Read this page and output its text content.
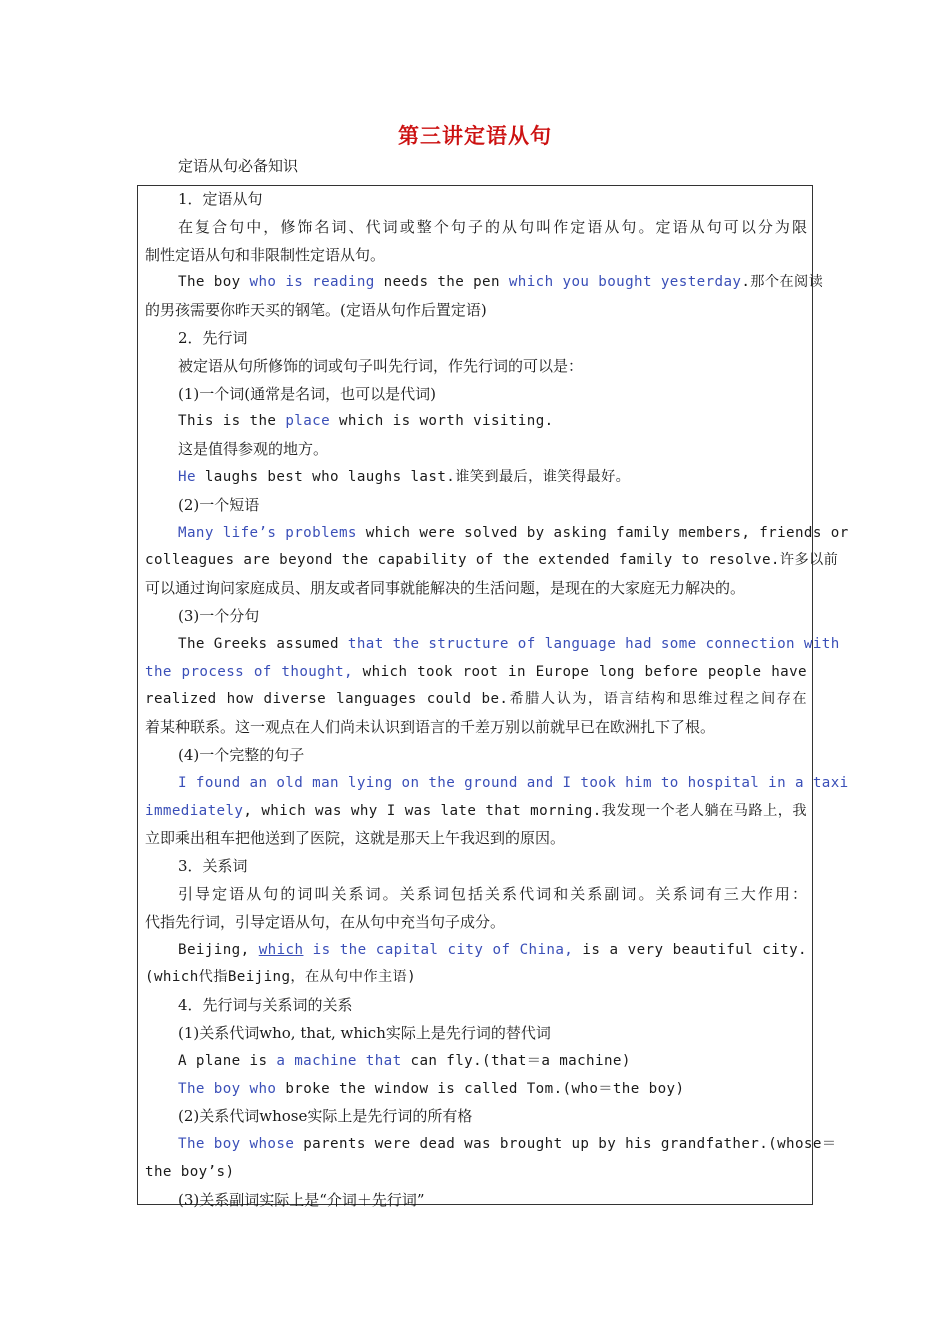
第三讲定语从句
定语从句必备知识
1．定语从句
在复合句中，修饰名词、代词或整个句子的从句叫作定语从句。定语从句可以分为限
制性定语从句和非限制性定语从句。
The boy who is reading needs the pen which you bought yesterday.那个在阅读
的男孩需要你昨天买的钢笔。(定语从句作后置定语)
2．先行词
被定语从句所修饰的词或句子叫先行词，作先行词的可以是：
(1)一个词(通常是名词，也可以是代词)
This is the place which is worth visiting.
这是值得参观的地方。
He laughs best who laughs last.谁笑到最后，谁笑得最好。
(2)一个短语
Many life’s problems which were solved by asking family members, friends or
colleagues are beyond the capability of the extended family to resolve.许多以前
可以通过询问家庭成员、朋友或者同事就能解决的生活问题，是现在的大家庭无力解决的。
(3)一个分句
The Greeks assumed that the structure of language had some connection with
the process of thought, which took root in Europe long before people have
realized how diverse languages could be.希腊人认为，语言结构和思维过程之间存在
着某种联系。这一观点在人们尚未认识到语言的千差万别以前就早已在欧洲扎下了根。
(4)一个完整的句子
I found an old man lying on the ground and I took him to hospital in a taxi
immediately, which was why I was late that morning.我发现一个老人躺在马路上，我
立即乘出租车把他送到了医院，这就是那天上午我迟到的原因。
3．关系词
引导定语从句的词叫关系词。关系词包括关系代词和关系副词。关系词有三大作用：
代指先行词，引导定语从句，在从句中充当句子成分。
Beijing, which is the capital city of China, is a very beautiful city.
(which代指Beijing，在从句中作主语)
4．先行词与关系词的关系
(1)关系代词who, that, which实际上是先行词的替代词
A plane is a machine that can fly.(that＝a machine)
The boy who broke the window is called Tom.(who＝the boy)
(2)关系代词whose实际上是先行词的所有格
The boy whose parents were dead was brought up by his grandfather.(whose＝
the boy’s)
(3)关系副词实际上是“介词＋先行词”
